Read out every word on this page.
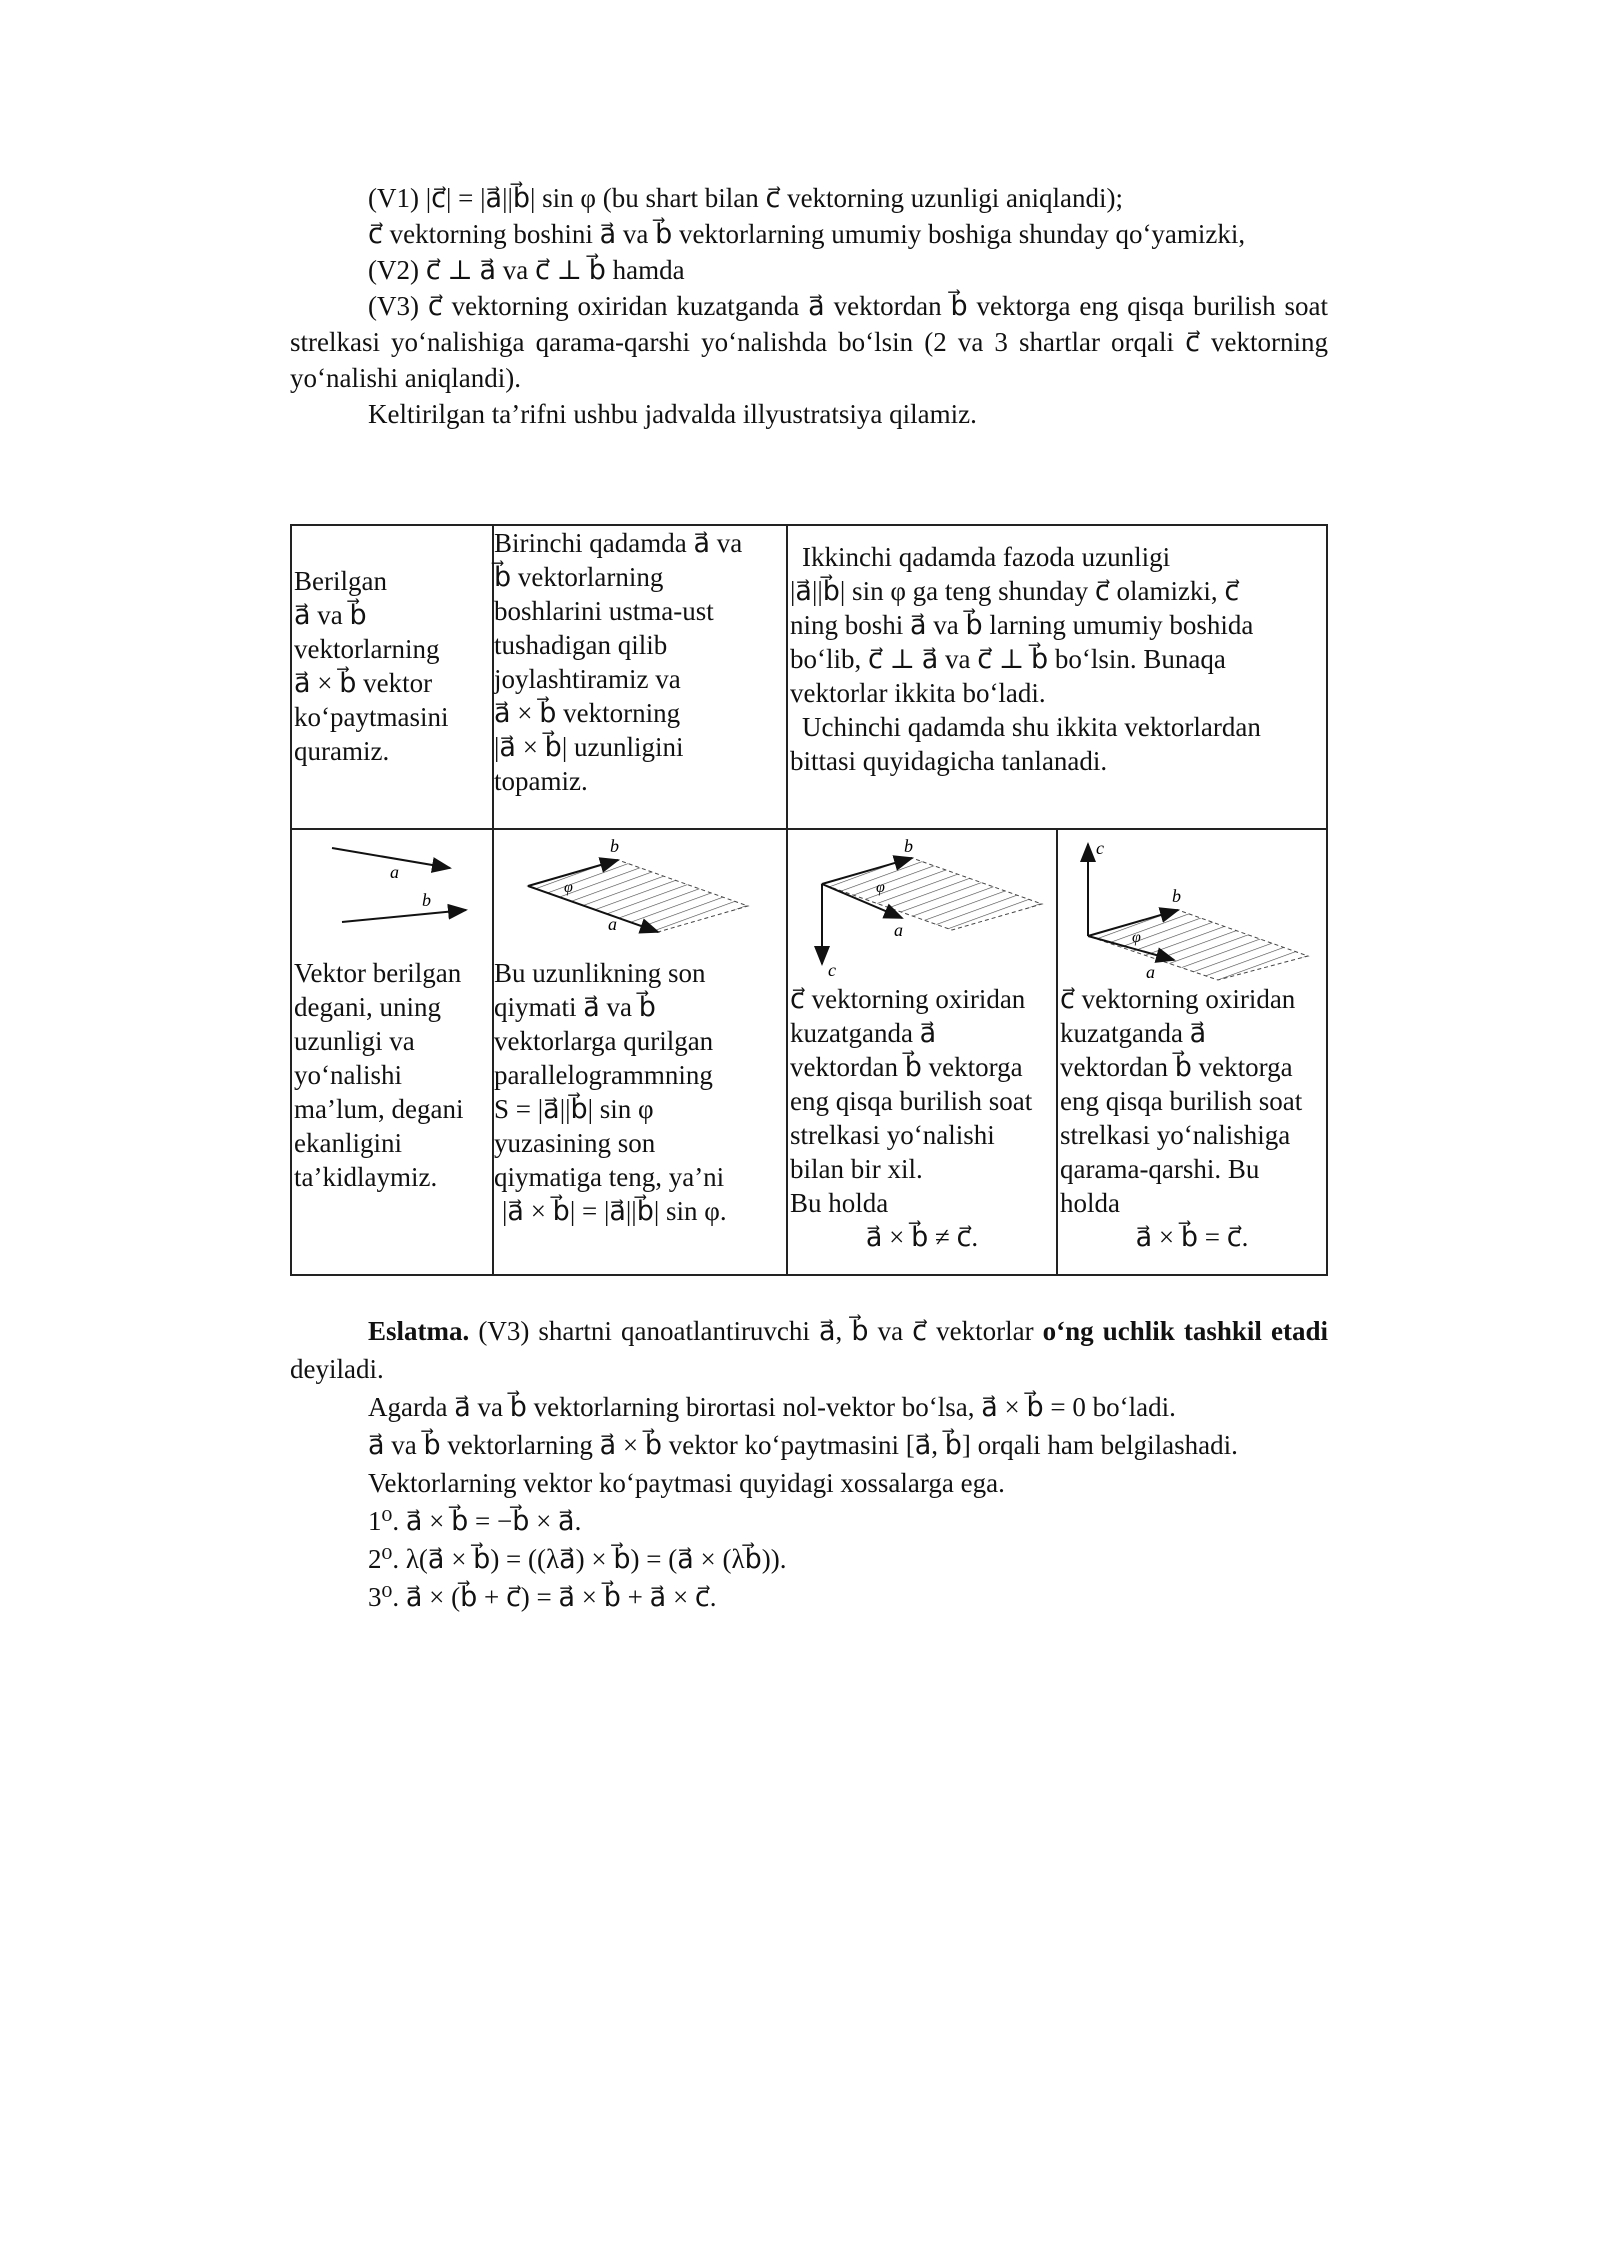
(V1) |c⃗| = |a⃗||b⃗| sin φ (bu shart bilan c⃗ vektorning uzunligi aniqlandi);

c⃗ vektorning boshini a⃗ va b⃗ vektorlarning umumiy boshiga shunday qo‘yamizki,

(V2) c⃗ ⊥ a⃗ va c⃗ ⊥ b⃗ hamda

(V3) c⃗ vektorning oxiridan kuzatganda a⃗ vektordan b⃗ vektorga eng qisqa burilish soat strelkasi yo‘nalishiga qarama-qarshi yo‘nalishda bo‘lsin (2 va 3 shartlar orqali c⃗ vektorning yo‘nalishi aniqlandi).

Keltirilgan ta’rifni ushbu jadvalda illyustratsiya qilamiz.

Berilgan
a⃗ va b⃗
vektorlarning
a⃗ × b⃗ vektor
ko‘paytmasini
quramiz.
Birinchi qadamda a⃗ va
b⃗ vektorlarning
boshlarini ustma-ust
tushadigan qilib
joylashtiramiz va
a⃗ × b⃗ vektorning
|a⃗ × b⃗| uzunligini
topamiz.
Ikkinchi qadamda fazoda uzunligi
|a⃗||b⃗| sin φ ga teng shunday c⃗ olamizki, c⃗
ning boshi a⃗ va b⃗ larning umumiy boshida
bo‘lib, c⃗ ⊥ a⃗ va c⃗ ⊥ b⃗ bo‘lsin. Bunaqa
vektorlar ikkita bo‘ladi.
Uchinchi qadamda shu ikkita vektorlardan
bittasi quyidagicha tanlanadi.
a⃗
b⃗
b⃗
a⃗
φ
b⃗
a⃗
c⃗
φ
c⃗
b⃗
a⃗
φ
Vektor berilgan
degani, uning
uzunligi va
yo‘nalishi
ma’lum, degani
ekanligini
ta’kidlaymiz.
Bu uzunlikning son
qiymati a⃗ va b⃗
vektorlarga qurilgan
parallelogrammning
S = |a⃗||b⃗| sin φ
yuzasining son
qiymatiga teng, ya’ni
|a⃗ × b⃗| = |a⃗||b⃗| sin φ.
c⃗ vektorning oxiridan
kuzatganda a⃗
vektordan b⃗ vektorga
eng qisqa burilish soat
strelkasi yo‘nalishi
bilan bir xil.
Bu holda
a⃗ × b⃗ ≠ c⃗.
c⃗ vektorning oxiridan
kuzatganda a⃗
vektordan b⃗ vektorga
eng qisqa burilish soat
strelkasi yo‘nalishiga
qarama-qarshi. Bu
holda
a⃗ × b⃗ = c⃗.

Eslatma. (V3) shartni qanoatlantiruvchi a⃗, b⃗ va c⃗ vektorlar o‘ng uchlik tashkil etadi deyiladi.

Agarda a⃗ va b⃗ vektorlarning birortasi nol-vektor bo‘lsa, a⃗ × b⃗ = 0 bo‘ladi.

a⃗ va b⃗ vektorlarning a⃗ × b⃗ vektor ko‘paytmasini [a⃗, b⃗] orqali ham belgilashadi.

Vektorlarning vektor ko‘paytmasi quyidagi xossalarga ega.

1⁰. a⃗ × b⃗ = −b⃗ × a⃗.

2⁰. λ(a⃗ × b⃗) = ((λa⃗) × b⃗) = (a⃗ × (λb⃗)).

3⁰. a⃗ × (b⃗ + c⃗) = a⃗ × b⃗ + a⃗ × c⃗.
